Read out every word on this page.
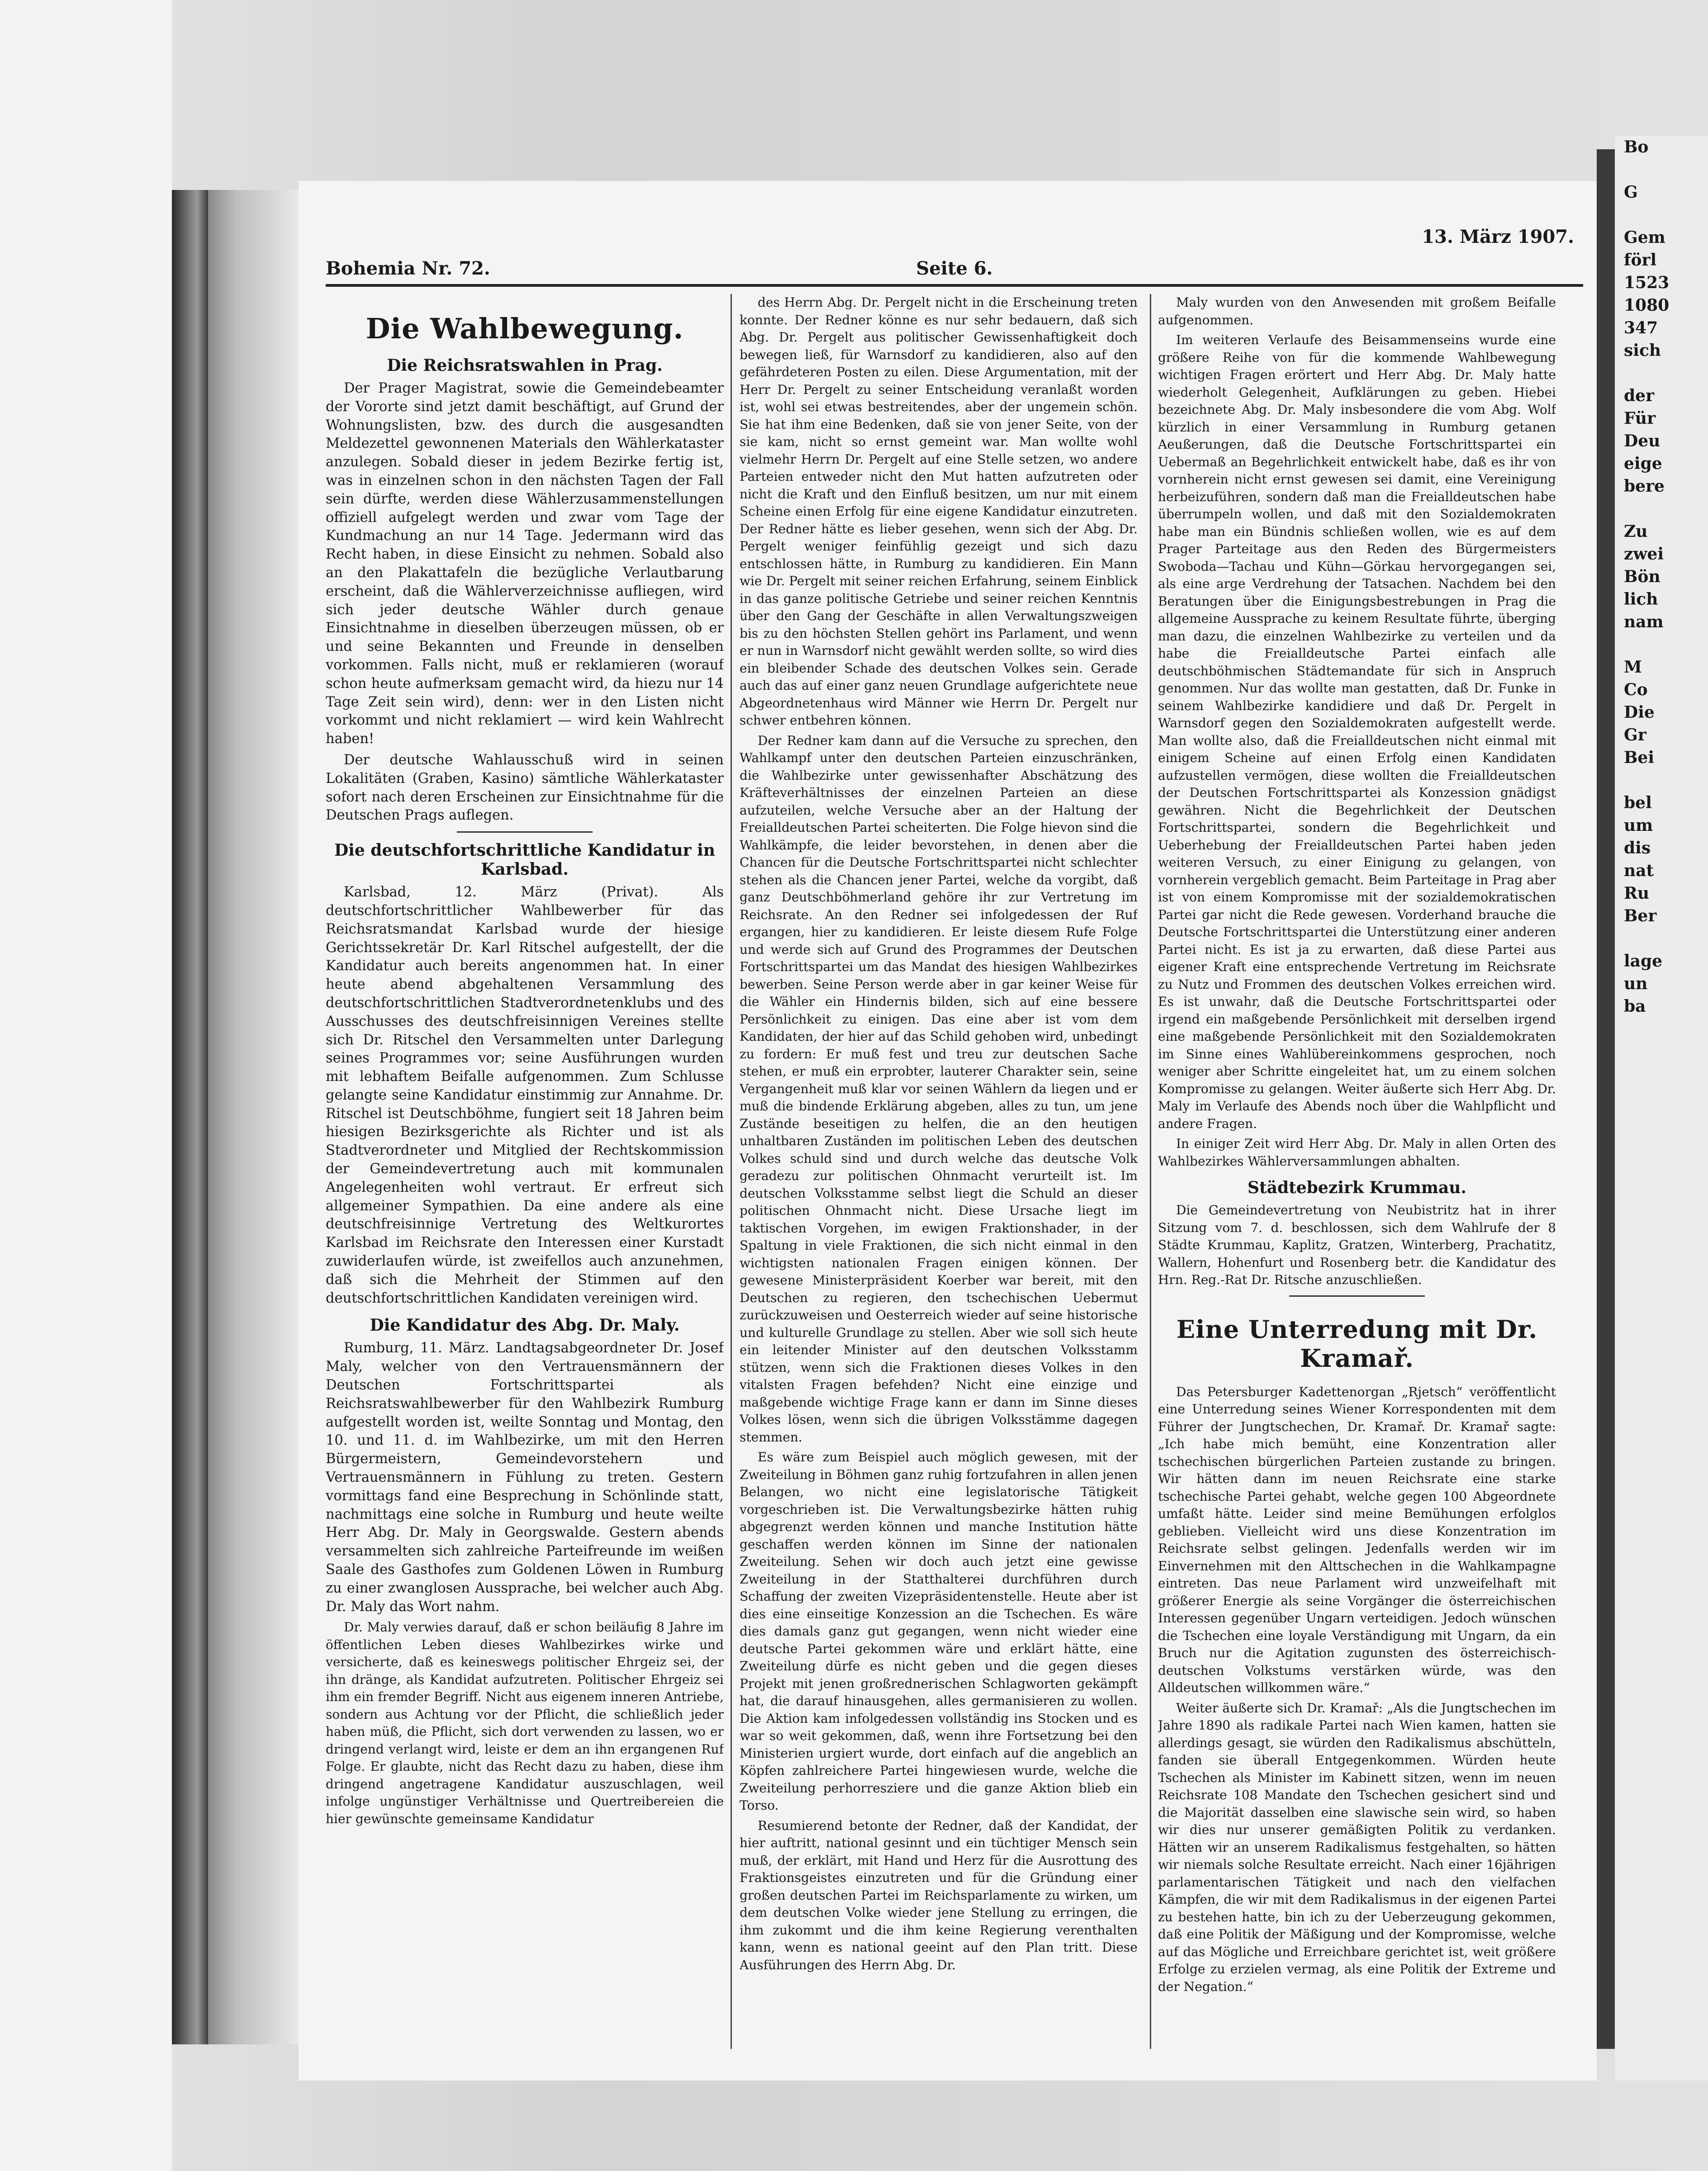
Bohemia Nr. 72.	Seite 6.
13. März 1907.
Die Wahlbewegung.
Die Reichsratswahlen in Prag.

Der Prager Magistrat, sowie die Gemeindebeamter der Vororte sind jetzt damit beschäftigt, auf Grund der Wohnungslisten, bzw. des durch die ausgesandten Meldezettel gewonnenen Materials den Wählerkataster anzulegen. Sobald dieser in jedem Bezirke fertig ist, was in einzelnen schon in den nächsten Tagen der Fall sein dürfte, werden diese Wählerzusammenstellungen offiziell aufgelegt werden und zwar vom Tage der Kundmachung an nur 14 Tage. Jedermann wird das Recht haben, in diese Einsicht zu nehmen. Sobald also an den Plakattafeln die bezügliche Verlautbarung erscheint, daß die Wählerverzeichnisse aufliegen, wird sich jeder deutsche Wähler durch genaue Einsichtnahme in dieselben überzeugen müssen, ob er und seine Bekannten und Freunde in denselben vorkommen. Falls nicht, muß er reklamieren (worauf schon heute aufmerksam gemacht wird, da hiezu nur 14 Tage Zeit sein wird), denn: wer in den Listen nicht vorkommt und nicht reklamiert — wird kein Wahlrecht haben!

Der deutsche Wahlausschuß wird in seinen Lokalitäten (Graben, Kasino) sämtliche Wählerkataster sofort nach deren Erscheinen zur Einsichtnahme für die Deutschen Prags auflegen.

Die deutschfortschrittliche Kandidatur in Karlsbad.

Karlsbad, 12. März (Privat). Als deutschfortschrittlicher Wahlbewerber für das Reichsratsmandat Karlsbad wurde der hiesige Gerichtssekretär Dr. Karl Ritschel aufgestellt, der die Kandidatur auch bereits angenommen hat. In einer heute abend abgehaltenen Versammlung des deutschfortschrittlichen Stadtverordnetenklubs und des Ausschusses des deutschfreisinnigen Vereines stellte sich Dr. Ritschel den Versammelten unter Darlegung seines Programmes vor; seine Ausführungen wurden mit lebhaftem Beifalle aufgenommen. Zum Schlusse gelangte seine Kandidatur einstimmig zur Annahme. Dr. Ritschel ist Deutschböhme, fungiert seit 18 Jahren beim hiesigen Bezirksgerichte als Richter und ist als Stadtverordneter und Mitglied der Rechtskommission der Gemeindevertretung auch mit kommunalen Angelegenheiten wohl vertraut. Er erfreut sich allgemeiner Sympathien. Da eine andere als eine deutschfreisinnige Vertretung des Weltkurortes Karlsbad im Reichsrate den Interessen einer Kurstadt zuwiderlaufen würde, ist zweifellos auch anzunehmen, daß sich die Mehrheit der Stimmen auf den deutschfortschrittlichen Kandidaten vereinigen wird.

Die Kandidatur des Abg. Dr. Maly.

Rumburg, 11. März. Landtagsabgeordneter Dr. Josef Maly, welcher von den Vertrauensmännern der Deutschen Fortschrittspartei als Reichsratswahlbewerber für den Wahlbezirk Rumburg aufgestellt worden ist, weilte Sonntag und Montag, den 10. und 11. d. im Wahlbezirke, um mit den Herren Bürgermeistern, Gemeindevorstehern und Vertrauensmännern in Fühlung zu treten. Gestern vormittags fand eine Besprechung in Schönlinde statt, nachmittags eine solche in Rumburg und heute weilte Herr Abg. Dr. Maly in Georgswalde. Gestern abends versammelten sich zahlreiche Parteifreunde im weißen Saale des Gasthofes zum Goldenen Löwen in Rumburg zu einer zwanglosen Aussprache, bei welcher auch Abg. Dr. Maly das Wort nahm.

Dr. Maly verwies darauf, daß er schon beiläufig 8 Jahre im öffentlichen Leben dieses Wahlbezirkes wirke und versicherte, daß es keineswegs politischer Ehrgeiz sei, der ihn dränge, als Kandidat aufzutreten. Politischer Ehrgeiz sei ihm ein fremder Begriff. Nicht aus eigenem inneren Antriebe, sondern aus Achtung vor der Pflicht, die schließlich jeder haben müß, die Pflicht, sich dort verwenden zu lassen, wo er dringend verlangt wird, leiste er dem an ihn ergangenen Ruf Folge. Er glaubte, nicht das Recht dazu zu haben, diese ihm dringend angetragene Kandidatur auszuschlagen, weil infolge ungünstiger Verhältnisse und Quertreibereien die hier gewünschte gemeinsame Kandidatur

des Herrn Abg. Dr. Pergelt nicht in die Erscheinung treten konnte. Der Redner könne es nur sehr bedauern, daß sich Abg. Dr. Pergelt aus politischer Gewissenhaftigkeit doch bewegen ließ, für Warnsdorf zu kandidieren, also auf den gefährdeteren Posten zu eilen. Diese Argumentation, mit der Herr Dr. Pergelt zu seiner Entscheidung veranlaßt worden ist, wohl sei etwas bestreitendes, aber der ungemein schön. Sie hat ihm eine Bedenken, daß sie von jener Seite, von der sie kam, nicht so ernst gemeint war. Man wollte wohl vielmehr Herrn Dr. Pergelt auf eine Stelle setzen, wo andere Parteien entweder nicht den Mut hatten aufzutreten oder nicht die Kraft und den Einfluß besitzen, um nur mit einem Scheine einen Erfolg für eine eigene Kandidatur einzutreten. Der Redner hätte es lieber gesehen, wenn sich der Abg. Dr. Pergelt weniger feinfühlig gezeigt und sich dazu entschlossen hätte, in Rumburg zu kandidieren. Ein Mann wie Dr. Pergelt mit seiner reichen Erfahrung, seinem Einblick in das ganze politische Getriebe und seiner reichen Kenntnis über den Gang der Geschäfte in allen Verwaltungszweigen bis zu den höchsten Stellen gehört ins Parlament, und wenn er nun in Warnsdorf nicht gewählt werden sollte, so wird dies ein bleibender Schade des deutschen Volkes sein. Gerade auch das auf einer ganz neuen Grundlage aufgerichtete neue Abgeordnetenhaus wird Männer wie Herrn Dr. Pergelt nur schwer entbehren können.

Der Redner kam dann auf die Versuche zu sprechen, den Wahlkampf unter den deutschen Parteien einzuschränken, die Wahlbezirke unter gewissenhafter Abschätzung des Kräfteverhältnisses der einzelnen Parteien an diese aufzuteilen, welche Versuche aber an der Haltung der Freialldeutschen Partei scheiterten. Die Folge hievon sind die Wahlkämpfe, die leider bevorstehen, in denen aber die Chancen für die Deutsche Fortschrittspartei nicht schlechter stehen als die Chancen jener Partei, welche da vorgibt, daß ganz Deutschböhmerland gehöre ihr zur Vertretung im Reichsrate. An den Redner sei infolgedessen der Ruf ergangen, hier zu kandidieren. Er leiste diesem Rufe Folge und werde sich auf Grund des Programmes der Deutschen Fortschrittspartei um das Mandat des hiesigen Wahlbezirkes bewerben. Seine Person werde aber in gar keiner Weise für die Wähler ein Hindernis bilden, sich auf eine bessere Persönlichkeit zu einigen. Das eine aber ist vom dem Kandidaten, der hier auf das Schild gehoben wird, unbedingt zu fordern: Er muß fest und treu zur deutschen Sache stehen, er muß ein erprobter, lauterer Charakter sein, seine Vergangenheit muß klar vor seinen Wählern da liegen und er muß die bindende Erklärung abgeben, alles zu tun, um jene Zustände beseitigen zu helfen, die an den heutigen unhaltbaren Zuständen im politischen Leben des deutschen Volkes schuld sind und durch welche das deutsche Volk geradezu zur politischen Ohnmacht verurteilt ist. Im deutschen Volksstamme selbst liegt die Schuld an dieser politischen Ohnmacht nicht. Diese Ursache liegt im taktischen Vorgehen, im ewigen Fraktionshader, in der Spaltung in viele Fraktionen, die sich nicht einmal in den wichtigsten nationalen Fragen einigen können. Der gewesene Ministerpräsident Koerber war bereit, mit den Deutschen zu regieren, den tschechischen Uebermut zurückzuweisen und Oesterreich wieder auf seine historische und kulturelle Grundlage zu stellen. Aber wie soll sich heute ein leitender Minister auf den deutschen Volksstamm stützen, wenn sich die Fraktionen dieses Volkes in den vitalsten Fragen befehden? Nicht eine einzige und maßgebende wichtige Frage kann er dann im Sinne dieses Volkes lösen, wenn sich die übrigen Volksstämme dagegen stemmen.

Es wäre zum Beispiel auch möglich gewesen, mit der Zweiteilung in Böhmen ganz ruhig fortzufahren in allen jenen Belangen, wo nicht eine legislatorische Tätigkeit vorgeschrieben ist. Die Verwaltungsbezirke hätten ruhig abgegrenzt werden können und manche Institution hätte geschaffen werden können im Sinne der nationalen Zweiteilung. Sehen wir doch auch jetzt eine gewisse Zweiteilung in der Statthalterei durchführen durch Schaffung der zweiten Vizepräsidentenstelle. Heute aber ist dies eine einseitige Konzession an die Tschechen. Es wäre dies damals ganz gut gegangen, wenn nicht wieder eine deutsche Partei gekommen wäre und erklärt hätte, eine Zweiteilung dürfe es nicht geben und die gegen dieses Projekt mit jenen großrednerischen Schlagworten gekämpft hat, die darauf hinausgehen, alles germanisieren zu wollen. Die Aktion kam infolgedessen vollständig ins Stocken und es war so weit gekommen, daß, wenn ihre Fortsetzung bei den Ministerien urgiert wurde, dort einfach auf die angeblich an Köpfen zahlreichere Partei hingewiesen wurde, welche die Zweiteilung perhorresziere und die ganze Aktion blieb ein Torso.

Resumierend betonte der Redner, daß der Kandidat, der hier auftritt, national gesinnt und ein tüchtiger Mensch sein muß, der erklärt, mit Hand und Herz für die Ausrottung des Fraktionsgeistes einzutreten und für die Gründung einer großen deutschen Partei im Reichsparlamente zu wirken, um dem deutschen Volke wieder jene Stellung zu erringen, die ihm zukommt und die ihm keine Regierung verenthalten kann, wenn es national geeint auf den Plan tritt. Diese Ausführungen des Herrn Abg. Dr.

Maly wurden von den Anwesenden mit großem Beifalle aufgenommen.

Im weiteren Verlaufe des Beisammenseins wurde eine größere Reihe von für die kommende Wahlbewegung wichtigen Fragen erörtert und Herr Abg. Dr. Maly hatte wiederholt Gelegenheit, Aufklärungen zu geben. Hiebei bezeichnete Abg. Dr. Maly insbesondere die vom Abg. Wolf kürzlich in einer Versammlung in Rumburg getanen Aeußerungen, daß die Deutsche Fortschrittspartei ein Uebermaß an Begehrlichkeit entwickelt habe, daß es ihr von vornherein nicht ernst gewesen sei damit, eine Vereinigung herbeizuführen, sondern daß man die Freialldeutschen habe überrumpeln wollen, und daß mit den Sozialdemokraten habe man ein Bündnis schließen wollen, wie es auf dem Prager Parteitage aus den Reden des Bürgermeisters Swoboda—Tachau und Kühn—Görkau hervorgegangen sei, als eine arge Verdrehung der Tatsachen. Nachdem bei den Beratungen über die Einigungsbestrebungen in Prag die allgemeine Aussprache zu keinem Resultate führte, überging man dazu, die einzelnen Wahlbezirke zu verteilen und da habe die Freialldeutsche Partei einfach alle deutschböhmischen Städtemandate für sich in Anspruch genommen. Nur das wollte man gestatten, daß Dr. Funke in seinem Wahlbezirke kandidiere und daß Dr. Pergelt in Warnsdorf gegen den Sozialdemokraten aufgestellt werde. Man wollte also, daß die Freialldeutschen nicht einmal mit einigem Scheine auf einen Erfolg einen Kandidaten aufzustellen vermögen, diese wollten die Freialldeutschen der Deutschen Fortschrittspartei als Konzession gnädigst gewähren. Nicht die Begehrlichkeit der Deutschen Fortschrittspartei, sondern die Begehrlichkeit und Ueberhebung der Freialldeutschen Partei haben jeden weiteren Versuch, zu einer Einigung zu gelangen, von vornherein vergeblich gemacht. Beim Parteitage in Prag aber ist von einem Kompromisse mit der sozialdemokratischen Partei gar nicht die Rede gewesen. Vorderhand brauche die Deutsche Fortschrittspartei die Unterstützung einer anderen Partei nicht. Es ist ja zu erwarten, daß diese Partei aus eigener Kraft eine entsprechende Vertretung im Reichsrate zu Nutz und Frommen des deutschen Volkes erreichen wird. Es ist unwahr, daß die Deutsche Fortschrittspartei oder irgend ein maßgebende Persönlichkeit mit derselben irgend eine maßgebende Persönlichkeit mit den Sozialdemokraten im Sinne eines Wahlübereinkommens gesprochen, noch weniger aber Schritte eingeleitet hat, um zu einem solchen Kompromisse zu gelangen. Weiter äußerte sich Herr Abg. Dr. Maly im Verlaufe des Abends noch über die Wahlpflicht und andere Fragen.

In einiger Zeit wird Herr Abg. Dr. Maly in allen Orten des Wahlbezirkes Wählerversammlungen abhalten.

Städtebezirk Krummau.

Die Gemeindevertretung von Neubistritz hat in ihrer Sitzung vom 7. d. beschlossen, sich dem Wahlrufe der 8 Städte Krummau, Kaplitz, Gratzen, Winterberg, Prachatitz, Wallern, Hohenfurt und Rosenberg betr. die Kandidatur des Hrn. Reg.-Rat Dr. Ritsche anzuschließen.

Eine Unterredung mit Dr. Kramař.

Das Petersburger Kadettenorgan „Rjetsch“ veröffentlicht eine Unterredung seines Wiener Korrespondenten mit dem Führer der Jungtschechen, Dr. Kramař. Dr. Kramař sagte: „Ich habe mich bemüht, eine Konzentration aller tschechischen bürgerlichen Parteien zustande zu bringen. Wir hätten dann im neuen Reichsrate eine starke tschechische Partei gehabt, welche gegen 100 Abgeordnete umfaßt hätte. Leider sind meine Bemühungen erfolglos geblieben. Vielleicht wird uns diese Konzentration im Reichsrate selbst gelingen. Jedenfalls werden wir im Einvernehmen mit den Alttschechen in die Wahlkampagne eintreten. Das neue Parlament wird unzweifelhaft mit größerer Energie als seine Vorgänger die österreichischen Interessen gegenüber Ungarn verteidigen. Jedoch wünschen die Tschechen eine loyale Verständigung mit Ungarn, da ein Bruch nur die Agitation zugunsten des österreichisch-deutschen Volkstums verstärken würde, was den Alldeutschen willkommen wäre.“

Weiter äußerte sich Dr. Kramař: „Als die Jungtschechen im Jahre 1890 als radikale Partei nach Wien kamen, hatten sie allerdings gesagt, sie würden den Radikalismus abschütteln, fanden sie überall Entgegenkommen. Würden heute Tschechen als Minister im Kabinett sitzen, wenn im neuen Reichsrate 108 Mandate den Tschechen gesichert sind und die Majorität dasselben eine slawische sein wird, so haben wir dies nur unserer gemäßigten Politik zu verdanken. Hätten wir an unserem Radikalismus festgehalten, so hätten wir niemals solche Resultate erreicht. Nach einer 16jährigen parlamentarischen Tätigkeit und nach den vielfachen Kämpfen, die wir mit dem Radikalismus in der eigenen Partei zu bestehen hatte, bin ich zu der Ueberzeugung gekommen, daß eine Politik der Mäßigung und der Kompromisse, welche auf das Mögliche und Erreichbare gerichtet ist, weit größere Erfolge zu erzielen vermag, als eine Politik der Extreme und der Negation.“

Bo

G

Gem
förl
1523
1080
347
sich

der
Für
Deu
eige
bere

Zu
zwei
Bön
lich
nam

M
Co
Die
Gr
Bei

bel
um
dis
nat
Ru
Ber

lage
un
ba
